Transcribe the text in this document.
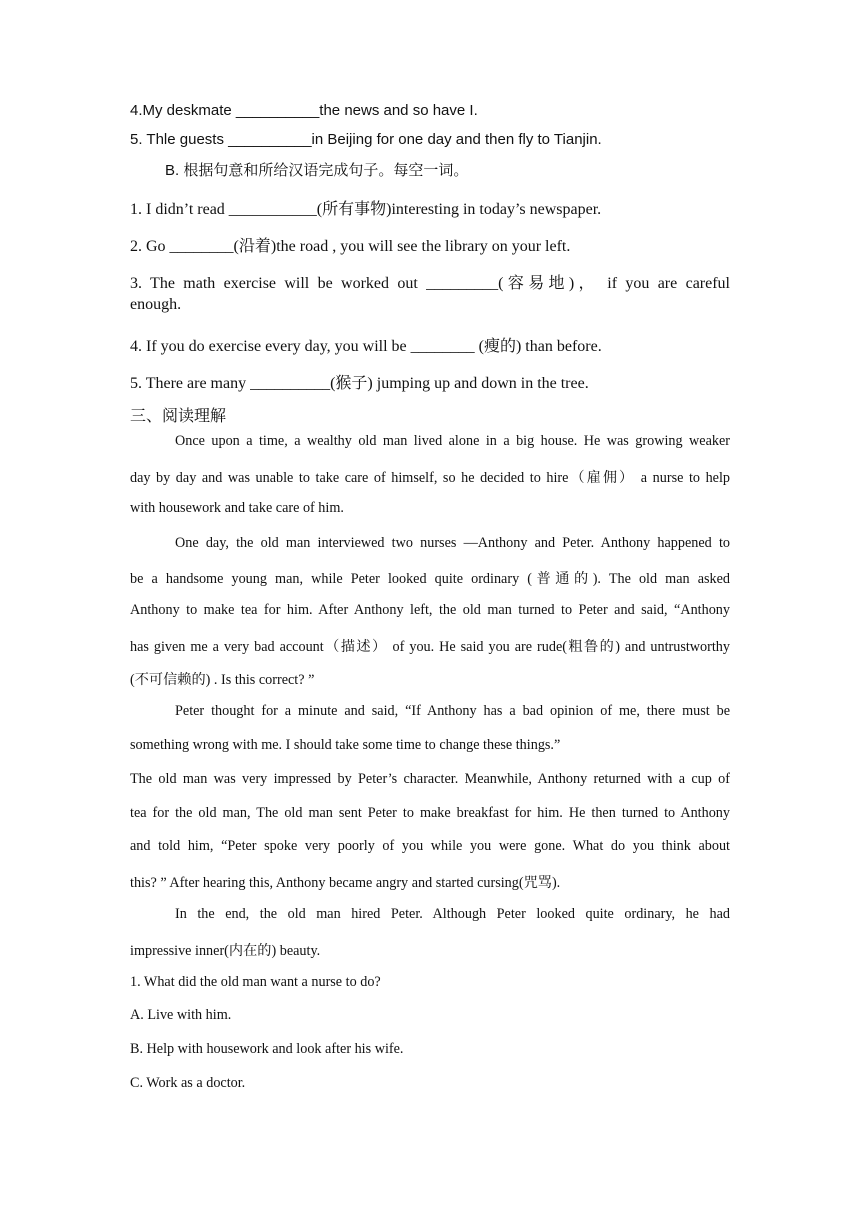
4.My deskmate __________the news and so have I.

5. Thle guests __________in Beijing for one day and then fly to Tianjin.

B. 根据句意和所给汉语完成句子。每空一词。

1. I didn’t read ___________(所有事物)interesting in today’s newspaper.

2. Go ________(沿着)the road , you will see the library on your left.

3. The math exercise will be worked out _________(容易地)， if you are careful

enough.

4. If you do exercise every day, you will be ________ (瘦的) than before.

5. There are many __________(猴子) jumping up and down in the tree.

三、阅读理解

Once upon a time, a wealthy old man lived alone in a big house. He was growing weaker

day by day and was unable to take care of himself, so he decided to hire（雇佣） a nurse to help

with housework and take care of him.

One day, the old man interviewed two nurses —Anthony and Peter. Anthony happened to

be a handsome young man, while Peter looked quite ordinary (普通的). The old man asked

Anthony to make tea for him. After Anthony left, the old man turned to Peter and said, “Anthony

has given me a very bad account（描述） of you. He said you are rude(粗鲁的) and untrustworthy

(不可信赖的) . Is this correct? ”

Peter thought for a minute and said, “If Anthony has a bad opinion of me, there must be

something wrong with me. I should take some time to change these things.”

The old man was very impressed by Peter’s character. Meanwhile, Anthony returned with a cup of

tea for the old man, The old man sent Peter to make breakfast for him. He then turned to Anthony

and told him, “Peter spoke very poorly of you while you were gone. What do you think about

this? ” After hearing this, Anthony became angry and started cursing(咒骂).

In the end, the old man hired Peter. Although Peter looked quite ordinary, he had

impressive inner(内在的) beauty.

1. What did the old man want a nurse to do?

A. Live with him.

B. Help with housework and look after his wife.

C. Work as a doctor.
